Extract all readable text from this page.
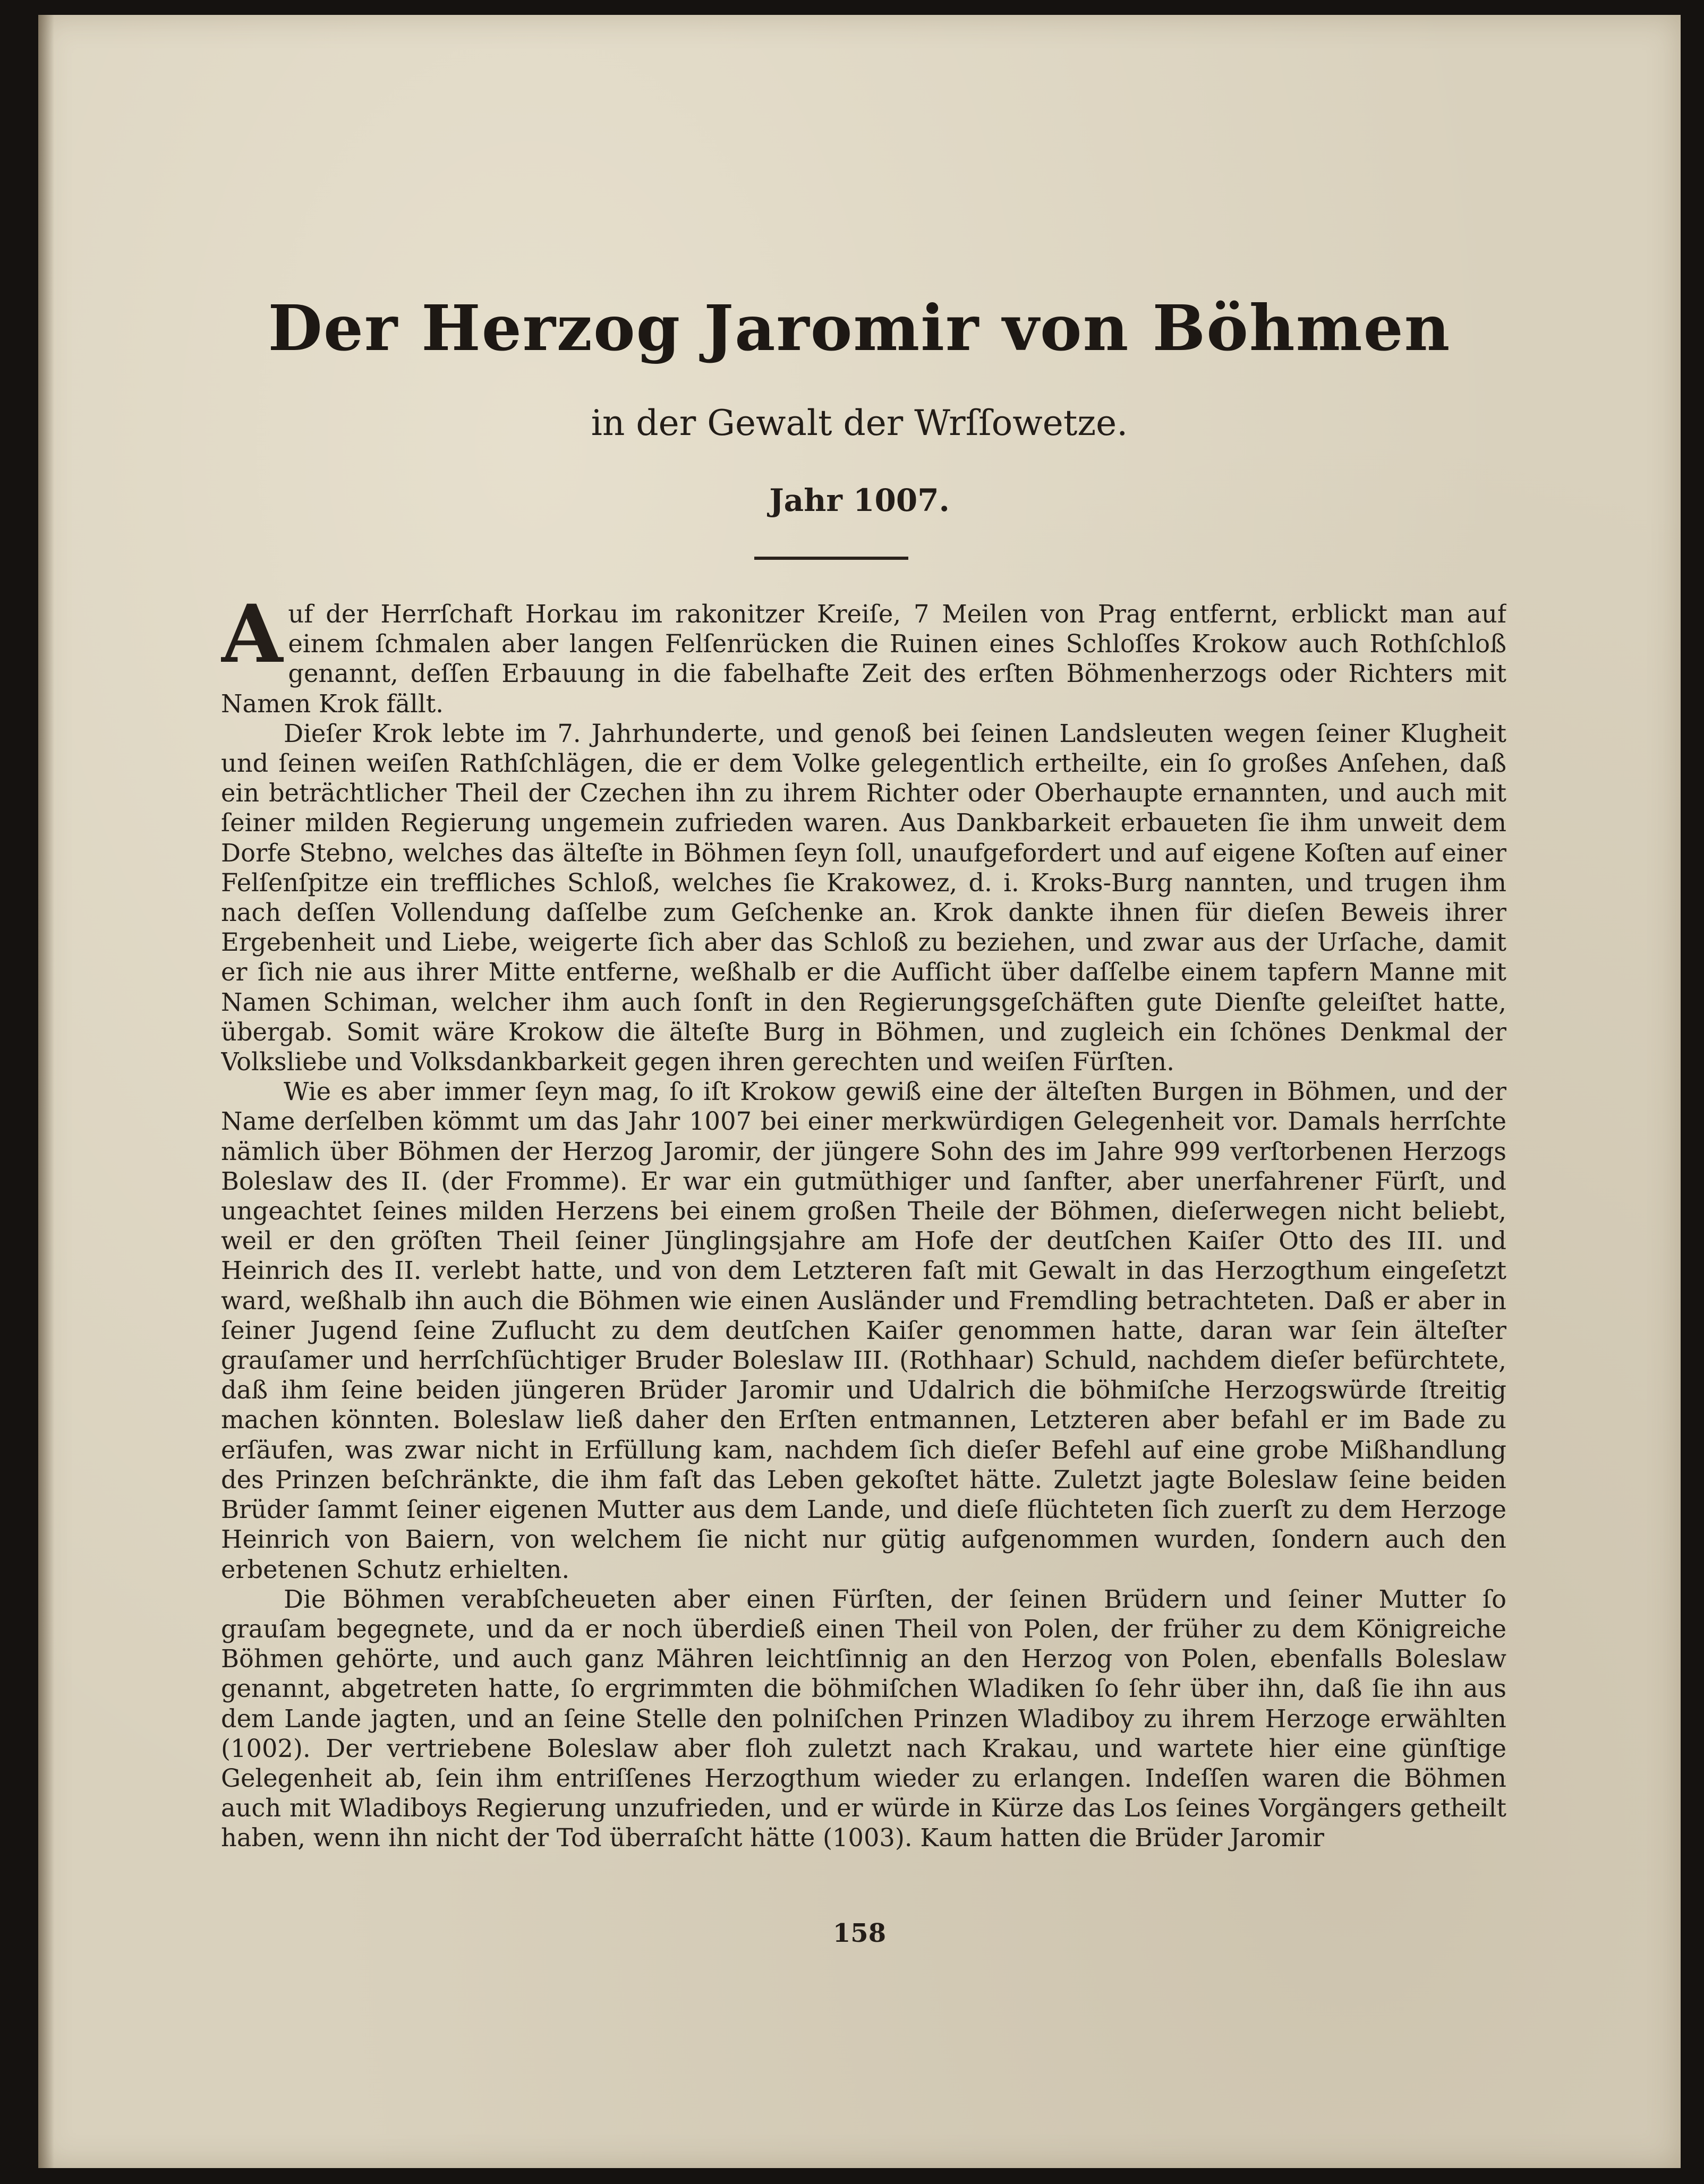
Der Herzog Jaromir von Böhmen
in der Gewalt der Wrſſowetze.
Jahr 1007.

Auf der Herrſchaft Horkau im rakonitzer Kreiſe, 7 Meilen von Prag entfernt, erblickt man auf einem ſchmalen aber langen Felſenrücken die Ruinen eines Schloſſes Krokow auch Rothſchloß genannt, deſſen Erbauung in die fabelhafte Zeit des erſten Böhmenherzogs oder Richters mit Namen Krok fällt.

Dieſer Krok lebte im 7. Jahrhunderte, und genoß bei ſeinen Landsleuten wegen ſeiner Klugheit und ſeinen weiſen Rathſchlägen, die er dem Volke gelegentlich ertheilte, ein ſo großes Anſehen, daß ein beträchtlicher Theil der Czechen ihn zu ihrem Richter oder Oberhaupte ernannten, und auch mit ſeiner milden Regierung ungemein zufrieden waren. Aus Dankbarkeit erbaueten ſie ihm unweit dem Dorfe Stebno, welches das älteſte in Böhmen ſeyn ſoll, unaufgefordert und auf eigene Koſten auf einer Felſenſpitze ein treffliches Schloß, welches ſie Krakowez, d. i. Kroks-Burg nannten, und trugen ihm nach deſſen Vollendung daſſelbe zum Geſchenke an. Krok dankte ihnen für dieſen Beweis ihrer Ergebenheit und Liebe, weigerte ſich aber das Schloß zu beziehen, und zwar aus der Urſache, damit er ſich nie aus ihrer Mitte entferne, weßhalb er die Aufſicht über daſſelbe einem tapfern Manne mit Namen Schiman, welcher ihm auch ſonſt in den Regierungsgeſchäften gute Dienſte geleiſtet hatte, übergab. Somit wäre Krokow die älteſte Burg in Böhmen, und zugleich ein ſchönes Denkmal der Volksliebe und Volksdankbarkeit gegen ihren gerechten und weiſen Fürſten.

Wie es aber immer ſeyn mag, ſo iſt Krokow gewiß eine der älteſten Burgen in Böhmen, und der Name derſelben kömmt um das Jahr 1007 bei einer merkwürdigen Gelegenheit vor. Damals herrſchte nämlich über Böhmen der Herzog Jaromir, der jüngere Sohn des im Jahre 999 verſtorbenen Herzogs Boleslaw des II. (der Fromme). Er war ein gutmüthiger und ſanfter, aber unerfahrener Fürſt, und ungeachtet ſeines milden Herzens bei einem großen Theile der Böhmen, dieſerwegen nicht beliebt, weil er den gröſten Theil ſeiner Jünglingsjahre am Hofe der deutſchen Kaiſer Otto des III. und Heinrich des II. verlebt hatte, und von dem Letzteren faſt mit Gewalt in das Herzogthum eingeſetzt ward, weßhalb ihn auch die Böhmen wie einen Ausländer und Fremdling betrachteten. Daß er aber in ſeiner Jugend ſeine Zuflucht zu dem deutſchen Kaiſer genommen hatte, daran war ſein älteſter grauſamer und herrſchſüchtiger Bruder Boleslaw III. (Rothhaar) Schuld, nachdem dieſer befürchtete, daß ihm ſeine beiden jüngeren Brüder Jaromir und Udalrich die böhmiſche Herzogswürde ſtreitig machen könnten. Boleslaw ließ daher den Erſten entmannen, Letzteren aber befahl er im Bade zu erſäufen, was zwar nicht in Erfüllung kam, nachdem ſich dieſer Befehl auf eine grobe Mißhandlung des Prinzen beſchränkte, die ihm faſt das Leben gekoſtet hätte. Zuletzt jagte Boleslaw ſeine beiden Brüder ſammt ſeiner eigenen Mutter aus dem Lande, und dieſe flüchteten ſich zuerſt zu dem Herzoge Heinrich von Baiern, von welchem ſie nicht nur gütig aufgenommen wurden, ſondern auch den erbetenen Schutz erhielten.

Die Böhmen verabſcheueten aber einen Fürſten, der ſeinen Brüdern und ſeiner Mutter ſo grauſam begegnete, und da er noch überdieß einen Theil von Polen, der früher zu dem Königreiche Böhmen gehörte, und auch ganz Mähren leichtſinnig an den Herzog von Polen, ebenfalls Boleslaw genannt, abgetreten hatte, ſo ergrimmten die böhmiſchen Wladiken ſo ſehr über ihn, daß ſie ihn aus dem Lande jagten, und an ſeine Stelle den polniſchen Prinzen Wladiboy zu ihrem Herzoge erwählten (1002). Der vertriebene Boleslaw aber floh zuletzt nach Krakau, und wartete hier eine günſtige Gelegenheit ab, ſein ihm entriſſenes Herzogthum wieder zu erlangen. Indeſſen waren die Böhmen auch mit Wladiboys Regierung unzufrieden, und er würde in Kürze das Los ſeines Vorgängers getheilt haben, wenn ihn nicht der Tod überraſcht hätte (1003). Kaum hatten die Brüder Jaromir

158
